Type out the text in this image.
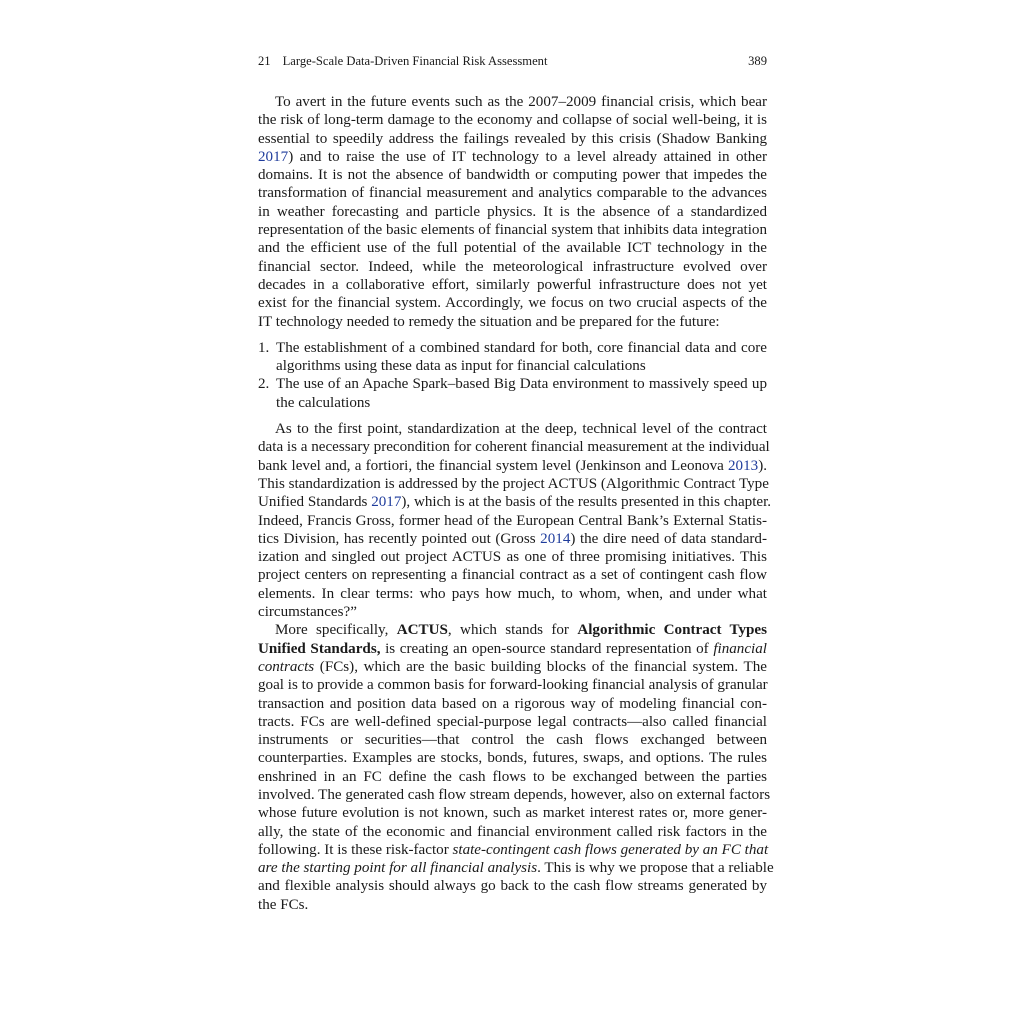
21 Large-Scale Data-Driven Financial Risk Assessment	389
To avert in the future events such as the 2007–2009 financial crisis, which bear
the risk of long-term damage to the economy and collapse of social well-being, it is
essential to speedily address the failings revealed by this crisis (Shadow Banking
2017) and to raise the use of IT technology to a level already attained in other
domains. It is not the absence of bandwidth or computing power that impedes the
transformation of financial measurement and analytics comparable to the advances
in weather forecasting and particle physics. It is the absence of a standardized
representation of the basic elements of financial system that inhibits data integration
and the efficient use of the full potential of the available ICT technology in the
financial sector. Indeed, while the meteorological infrastructure evolved over
decades in a collaborative effort, similarly powerful infrastructure does not yet
exist for the financial system. Accordingly, we focus on two crucial aspects of the
IT technology needed to remedy the situation and be prepared for the future:
1. The establishment of a combined standard for both, core financial data and core
algorithms using these data as input for financial calculations
2. The use of an Apache Spark–based Big Data environment to massively speed up
the calculations
As to the first point, standardization at the deep, technical level of the contract
data is a necessary precondition for coherent financial measurement at the individual
bank level and, a fortiori, the financial system level (Jenkinson and Leonova 2013).
This standardization is addressed by the project ACTUS (Algorithmic Contract Type
Unified Standards 2017), which is at the basis of the results presented in this chapter.
Indeed, Francis Gross, former head of the European Central Bank’s External Statis-
tics Division, has recently pointed out (Gross 2014) the dire need of data standard-
ization and singled out project ACTUS as one of three promising initiatives. This
project centers on representing a financial contract as a set of contingent cash flow
elements. In clear terms: who pays how much, to whom, when, and under what
circumstances?”
More specifically, ACTUS, which stands for Algorithmic Contract Types
Unified Standards, is creating an open-source standard representation of financial
contracts (FCs), which are the basic building blocks of the financial system. The
goal is to provide a common basis for forward-looking financial analysis of granular
transaction and position data based on a rigorous way of modeling financial con-
tracts. FCs are well-defined special-purpose legal contracts—also called financial
instruments or securities—that control the cash flows exchanged between
counterparties. Examples are stocks, bonds, futures, swaps, and options. The rules
enshrined in an FC define the cash flows to be exchanged between the parties
involved. The generated cash flow stream depends, however, also on external factors
whose future evolution is not known, such as market interest rates or, more gener-
ally, the state of the economic and financial environment called risk factors in the
following. It is these risk-factor state-contingent cash flows generated by an FC that
are the starting point for all financial analysis. This is why we propose that a reliable
and flexible analysis should always go back to the cash flow streams generated by
the FCs.
